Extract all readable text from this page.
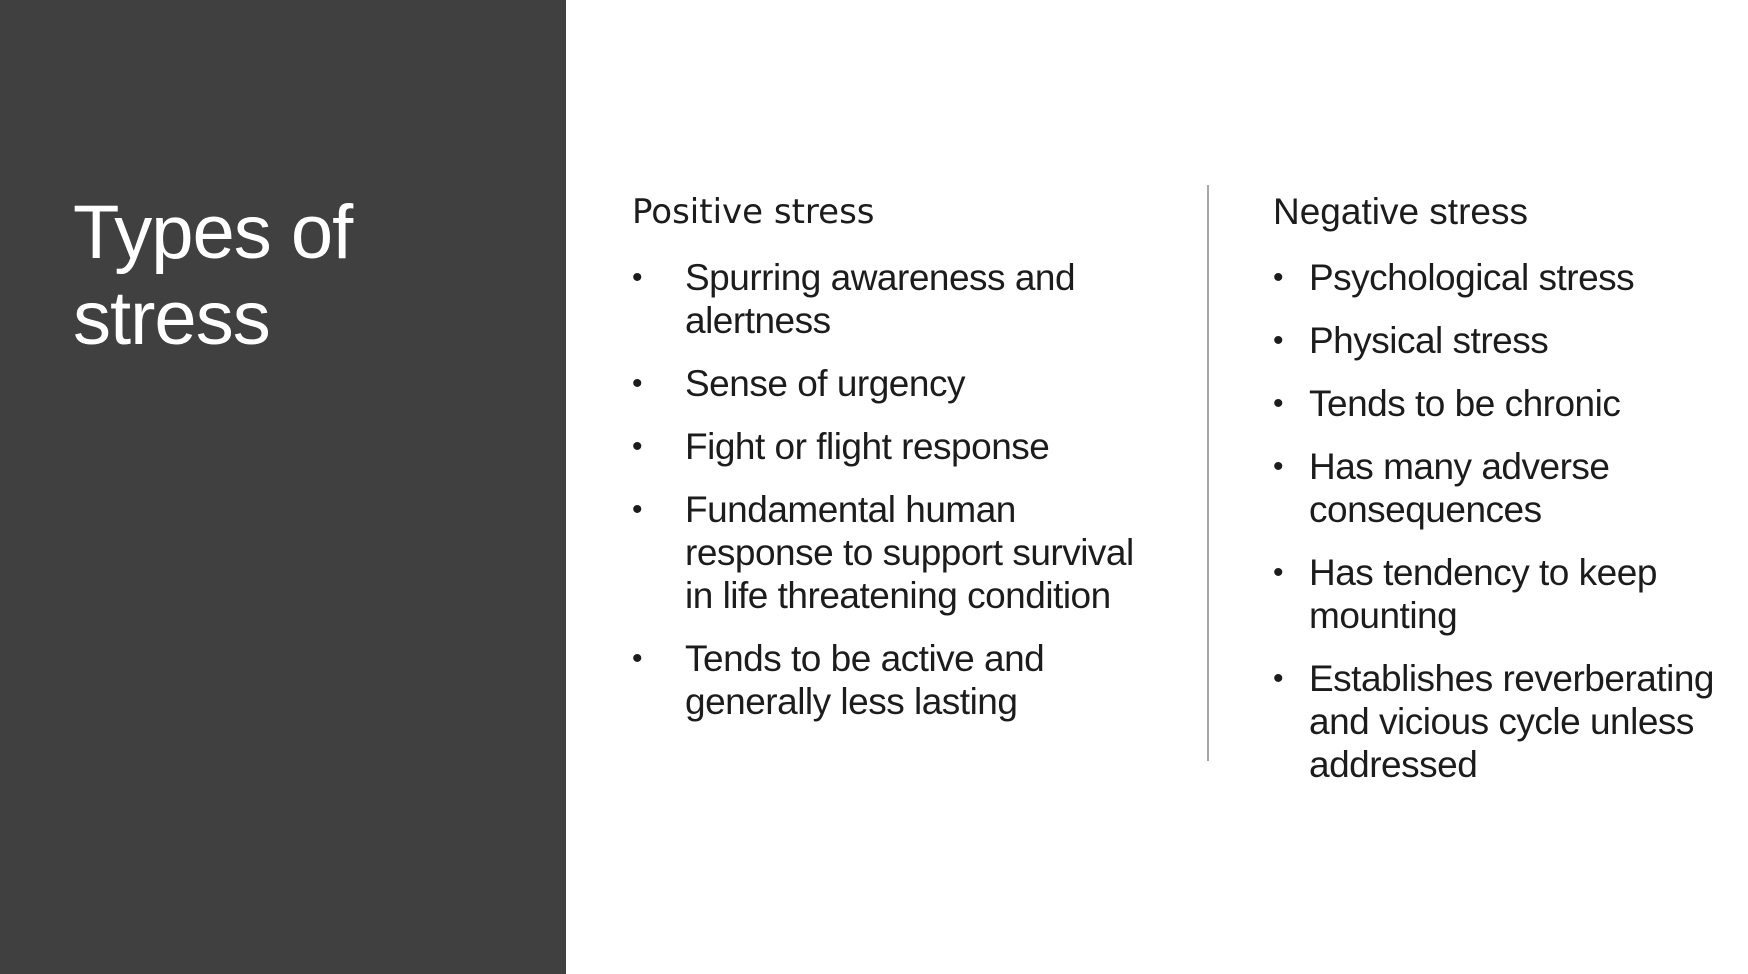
Types of stress
Positive stress
• Spurring awareness and alertness
• Sense of urgency
• Fight or flight response
• Fundamental human response to support survival in life threatening condition
• Tends to be active and generally less lasting
Negative stress
• Psychological stress
• Physical stress
• Tends to be chronic
• Has many adverse consequences
• Has tendency to keep mounting
• Establishes reverberating and vicious cycle unless addressed
